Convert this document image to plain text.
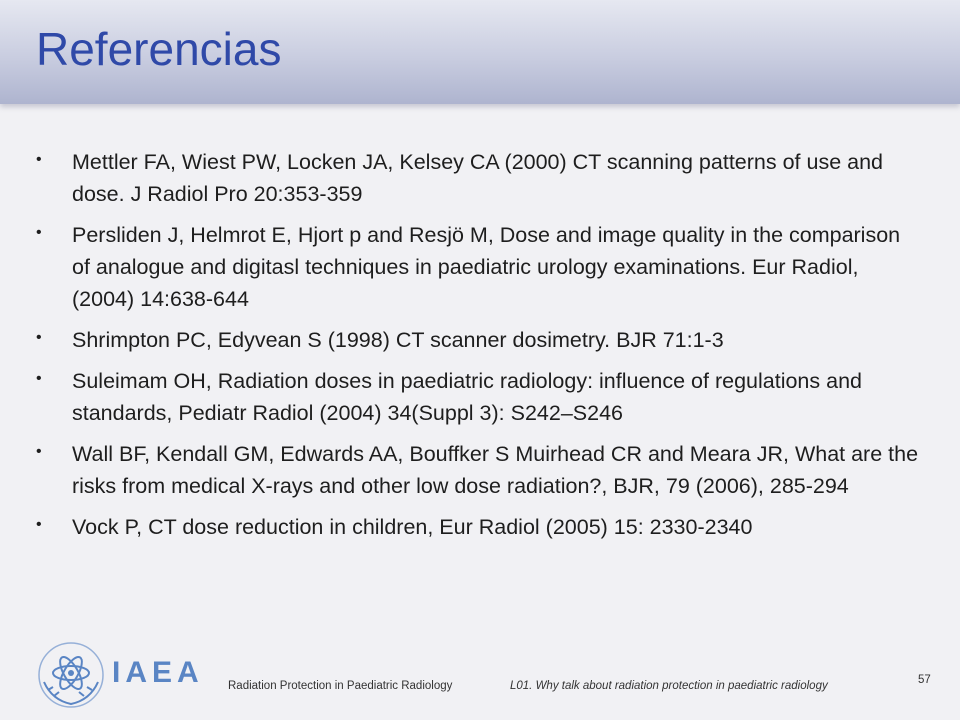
Referencias
• Mettler FA, Wiest PW, Locken JA, Kelsey CA (2000) CT scanning patterns of use and dose. J Radiol Pro 20:353-359
• Persliden J, Helmrot E, Hjort p and Resjö M, Dose and image quality in the comparison of analogue and digitasl techniques in paediatric urology examinations. Eur Radiol, (2004) 14:638-644
• Shrimpton PC, Edyvean S (1998) CT scanner dosimetry. BJR 71:1-3
• Suleimam OH, Radiation doses in paediatric radiology: influence of regulations and standards, Pediatr Radiol (2004) 34(Suppl 3): S242–S246
• Wall BF, Kendall GM, Edwards AA, Bouffker S Muirhead CR and Meara JR, What are the risks from medical X-rays and other low dose radiation?, BJR, 79 (2006), 285-294
• Vock P, CT dose reduction in children, Eur Radiol (2005) 15: 2330-2340
IAEA Radiation Protection in Paediatric Radiology	L01. Why talk about radiation protection in paediatric radiology	57
